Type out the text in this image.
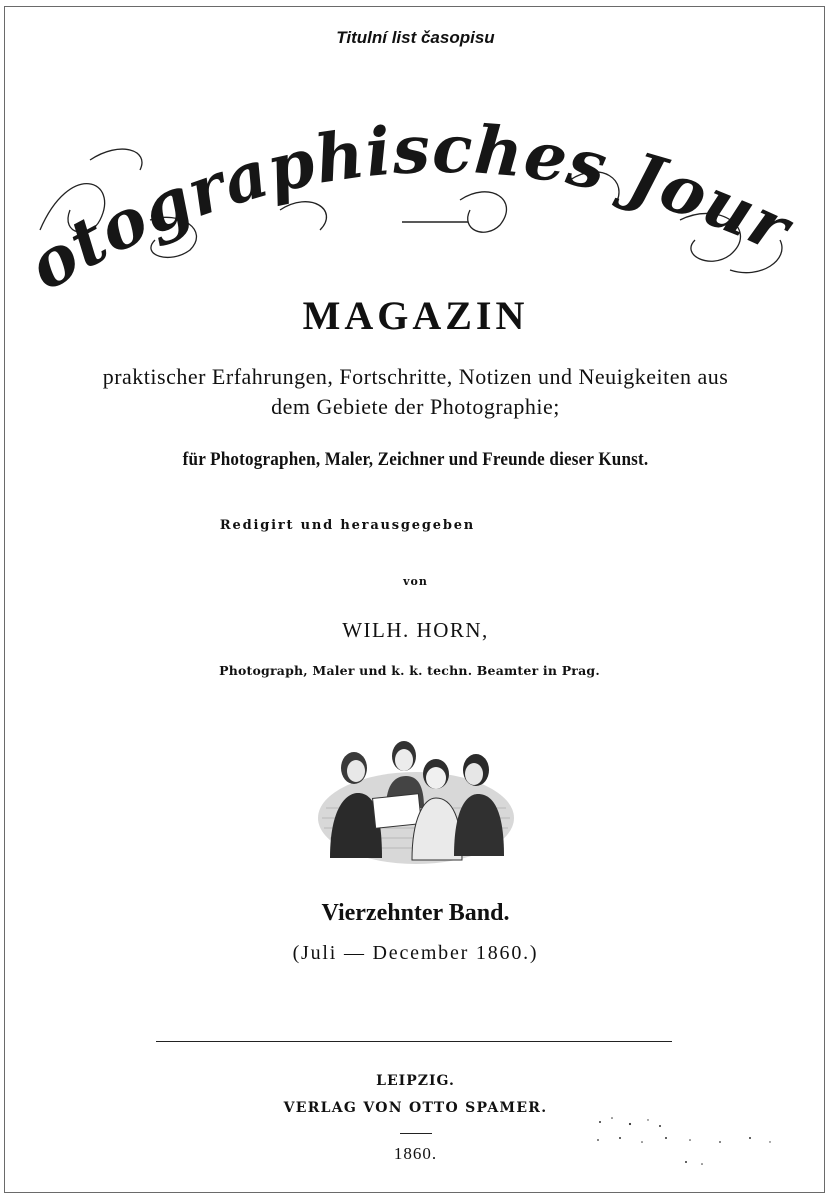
Titulní list časopisu
tographisches Jour
MAGAZIN
praktischer Erfahrungen, Fortschritte, Notizen und Neuigkeiten aus
dem Gebiete der Photographie;
für Photographen, Maler, Zeichner und Freunde dieser Kunst.
Redigirt und herausgegeben
von
WILH. HORN,
Photograph, Maler und k. k. techn. Beamter in Prag.
Vierzehnter Band.
(Juli — December 1860.)
LEIPZIG.
VERLAG VON OTTO SPAMER.
1860.
